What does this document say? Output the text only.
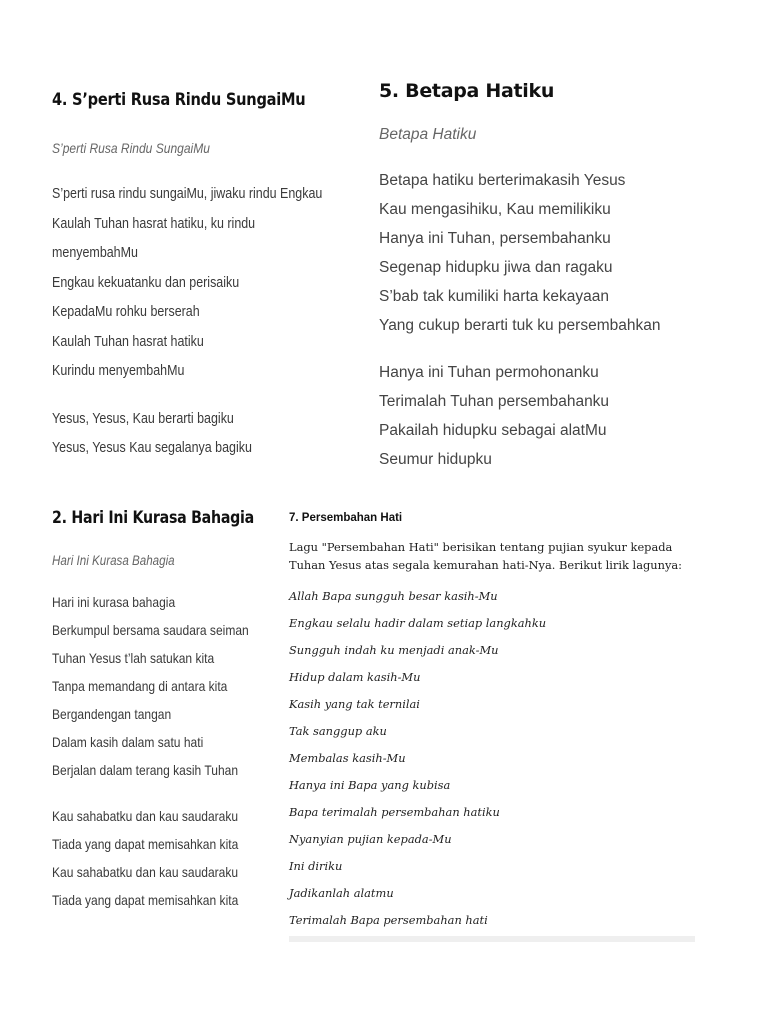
4. S’perti Rusa Rindu SungaiMu
S’perti Rusa Rindu SungaiMu
S’perti rusa rindu sungaiMu, jiwaku rindu Engkau
Kaulah Tuhan hasrat hatiku, ku rindu
menyembahMu
Engkau kekuatanku dan perisaiku
KepadaMu rohku berserah
Kaulah Tuhan hasrat hatiku
Kurindu menyembahMu
Yesus, Yesus, Kau berarti bagiku
Yesus, Yesus Kau segalanya bagiku
5. Betapa Hatiku
Betapa Hatiku
Betapa hatiku berterimakasih Yesus
Kau mengasihiku, Kau memilikiku
Hanya ini Tuhan, persembahanku
Segenap hidupku jiwa dan ragaku
S’bab tak kumiliki harta kekayaan
Yang cukup berarti tuk ku persembahkan
Hanya ini Tuhan permohonanku
Terimalah Tuhan persembahanku
Pakailah hidupku sebagai alatMu
Seumur hidupku
2. Hari Ini Kurasa Bahagia
Hari Ini Kurasa Bahagia
Hari ini kurasa bahagia
Berkumpul bersama saudara seiman
Tuhan Yesus t’lah satukan kita
Tanpa memandang di antara kita
Bergandengan tangan
Dalam kasih dalam satu hati
Berjalan dalam terang kasih Tuhan
Kau sahabatku dan kau saudaraku
Tiada yang dapat memisahkan kita
Kau sahabatku dan kau saudaraku
Tiada yang dapat memisahkan kita
7. Persembahan Hati
Lagu "Persembahan Hati" berisikan tentang pujian syukur kepada Tuhan Yesus atas segala kemurahan hati-Nya. Berikut lirik lagunya:
Allah Bapa sungguh besar kasih-Mu
Engkau selalu hadir dalam setiap langkahku
Sungguh indah ku menjadi anak-Mu
Hidup dalam kasih-Mu
Kasih yang tak ternilai
Tak sanggup aku
Membalas kasih-Mu
Hanya ini Bapa yang kubisa
Bapa terimalah persembahan hatiku
Nyanyian pujian kepada-Mu
Ini diriku
Jadikanlah alatmu
Terimalah Bapa persembahan hati
